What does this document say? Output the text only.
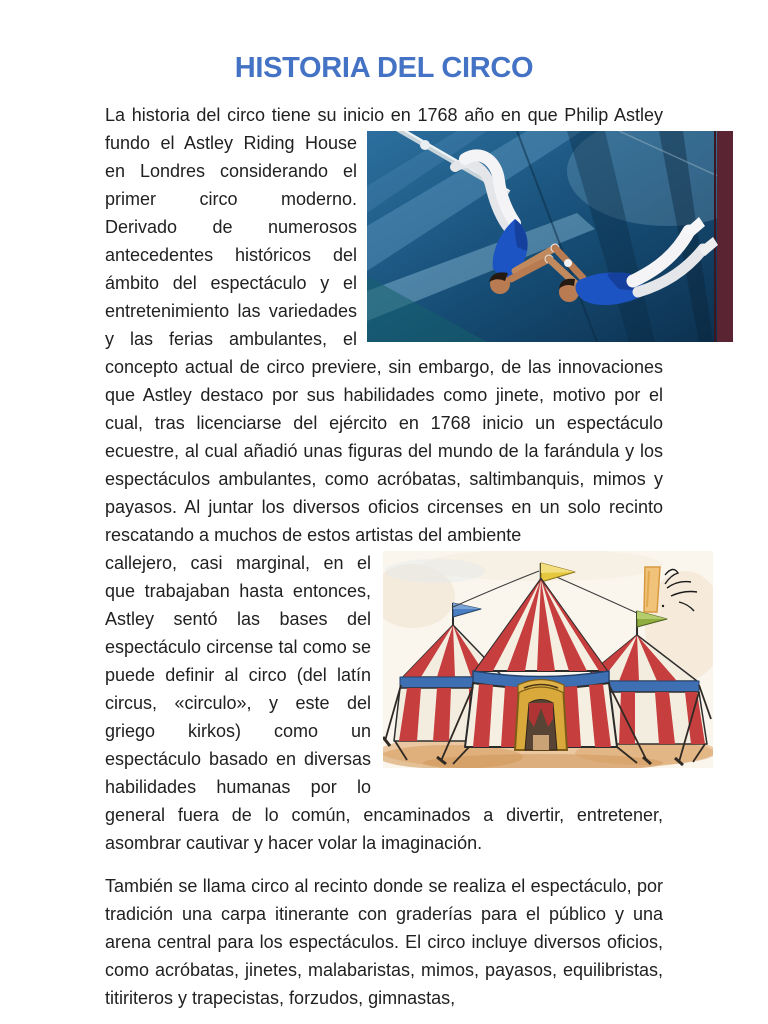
HISTORIA DEL CIRCO

La historia del circo tiene su inicio en 1768 año en que Philip Astley

fundo el Astley Riding House en Londres considerando el primer circo moderno. Derivado de numerosos antecedentes históricos del ámbito del espectáculo y el entretenimiento las variedades y las ferias ambulantes, el concepto actual de circo previere, sin embargo, de las innovaciones que Astley destaco por sus habilidades como jinete, motivo por el cual, tras licenciarse del ejército en 1768 inicio un espectáculo ecuestre, al cual añadió unas figuras del mundo de la farándula y los espectáculos ambulantes, como acróbatas, saltimbanquis, mimos y payasos. Al juntar los diversos oficios circenses en un solo recinto rescatando a muchos de estos artistas del ambiente
callejero, casi marginal, en el que trabajaban hasta entonces, Astley sentó las bases del espectáculo circense tal como se puede definir al circo (del latín circus, «circulo», y este del griego kirkos) como un espectáculo basado en diversas habilidades humanas por lo general fuera de lo común, encaminados a divertir, entretener, asombrar cautivar y hacer volar la imaginación.

También se llama circo al recinto donde se realiza el espectáculo, por tradición una carpa itinerante con graderías para el público y una arena central para los espectáculos. El circo incluye diversos oficios, como acróbatas, jinetes, malabaristas, mimos, payasos, equilibristas, titiriteros y trapecistas, forzudos, gimnastas,
